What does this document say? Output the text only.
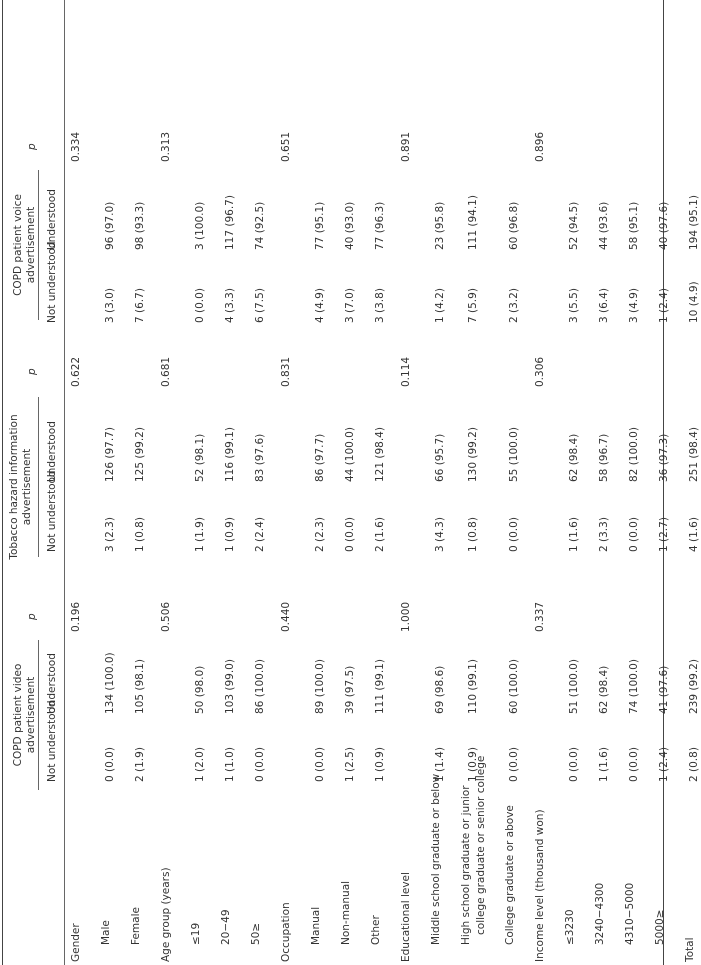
COPD patient video advertisement Not understood
Understood
p
Tobacco hazard information advertisement Not understood
Understood
p
COPD patient voice advertisement Not understood
Understood
p
Gender
0.196
0.622
0.334
Male
0 (0.0)
134 (100.0)
3 (2.3)
126 (97.7)
3 (3.0)
96 (97.0)
Female
2 (1.9)
105 (98.1)
1 (0.8)
125 (99.2)
7 (6.7)
98 (93.3)
Age group (years)
0.506
0.681
0.313
≤19
1 (2.0)
50 (98.0)
1 (1.9)
52 (98.1)
0 (0.0)
3 (100.0)
20−49
1 (1.0)
103 (99.0)
1 (0.9)
116 (99.1)
4 (3.3)
117 (96.7)
50≥
0 (0.0)
86 (100.0)
2 (2.4)
83 (97.6)
6 (7.5)
74 (92.5)
Occupation
0.440
0.831
0.651
Manual
0 (0.0)
89 (100.0)
2 (2.3)
86 (97.7)
4 (4.9)
77 (95.1)
Non-manual
1 (2.5)
39 (97.5)
0 (0.0)
44 (100.0)
3 (7.0)
40 (93.0)
Other
1 (0.9)
111 (99.1)
2 (1.6)
121 (98.4)
3 (3.8)
77 (96.3)
Educational level
1.000
0.114
0.891
Middle school graduate or below
1 (1.4)
69 (98.6)
3 (4.3)
66 (95.7)
1 (4.2)
23 (95.8)
High school graduate or junior college graduate or senior college
1 (0.9)
110 (99.1)
1 (0.8)
130 (99.2)
7 (5.9)
111 (94.1)
College graduate or above
0 (0.0)
60 (100.0)
0 (0.0)
55 (100.0)
2 (3.2)
60 (96.8)
Income level (thousand won)
0.337
0.306
0.896
≤3230
0 (0.0)
51 (100.0)
1 (1.6)
62 (98.4)
3 (5.5)
52 (94.5)
3240−4300
1 (1.6)
62 (98.4)
2 (3.3)
58 (96.7)
3 (6.4)
44 (93.6)
4310−5000
0 (0.0)
74 (100.0)
0 (0.0)
82 (100.0)
3 (4.9)
58 (95.1)
5000≥
1 (2.4)
41 (97.6)
1 (2.7)
36 (97.3)
1 (2.4)
40 (97.6)
Total
2 (0.8)
239 (99.2)
4 (1.6)
251 (98.4)
10 (4.9)
194 (95.1)
